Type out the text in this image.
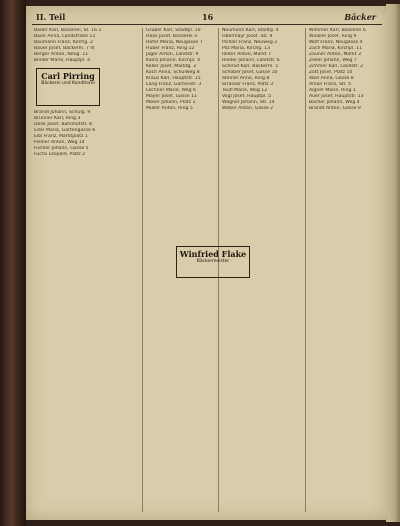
II. Teil	16	Bäcker
Bader Karl, Bäckerei, St. 16 1
Baier Anna, Landstraße 12
Baumann Franz, Kirchg. 2
Bauer Josef, Bäckerm. 7 III
Berger Anton, Neug. 11
Binder Marie, Hauptpl. 4
Carl Pirring
Bäckerei und Konditorei
Brandl Johann, Schulg. 9
Brunner Karl, Ring 3
Denk Josef, Bahnhofstr. 8
Eder Maria, Gartengasse 6
Eibl Franz, Marktplatz 1
Fellner Anton, Weg 14
Fischer Johann, Gasse 5
Fuchs Leopold, Platz 2
Gruber Karl, Stadtpl. 10
Haas Josef, Bäckerei 3
Hofer Maria, Neugasse 7
Huber Franz, Ring 12
Jäger Anton, Landstr. 9
Kainz Johann, Kirchpl. 4
Keller Josef, Marktg. 2
Koch Anna, Schulweg 8
Kraus Karl, Hauptstr. 15
Lang Franz, Gartenstr. 3
Lechner Marie, Weg 6
Mayer Josef, Gasse 11
Moser Johann, Platz 1
Müller Anton, Ring 5
Neumann Karl, Stadtg. 4
Obermayr Josef, Str. 9
Pichler Franz, Neuweg 2
Pilz Maria, Kirchg. 13
Reiter Anton, Markt 7
Rieder Johann, Landstr. 6
Schmid Karl, Bäckerm. 1
Schober Josef, Gasse 10
Steiner Anna, Ring 8
Strasser Franz, Platz 3
Teufl Marie, Weg 12
Vogl Josef, Hauptpl. 5
Wagner Johann, Str. 14
Weber Anton, Gasse 2
Wimmer Karl, Bäckerei 6
Winkler Josef, Ring 9
Wolf Franz, Neugasse 4
Zach Maria, Kirchpl. 11
Zauner Anton, Markt 3
Zeller Johann, Weg 7
Zimmer Karl, Landstr. 2
Zott Josef, Platz 10
Abel Anna, Gasse 8
Amon Franz, Str. 5
Aigner Marie, Ring 1
Auer Josef, Hauptstr. 13
Bacher Johann, Weg 4
Brandt Anton, Gasse 9
Winfried Flake
Bäckermeister
